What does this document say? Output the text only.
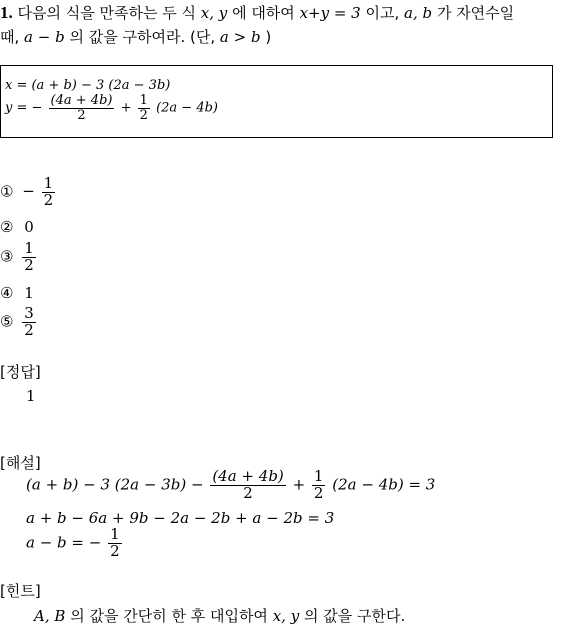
1. 다음의 식을 만족하는 두 식 x, y 에 대하여 x+y = 3 이고, a, b 가 자연수일
때, a − b 의 값을 구하여라. (단, a > b )
x = (a + b) − 3 (2a − 3b)
y = − $\frac{(4a + 4b)}{2} + \frac{1}{2} (2a - 4b)$
① − $\frac{1}{2}$
② 0
③ $\frac{1}{2}$
④ 1
⑤ $\frac{3}{2}$
[정답]
1
[해설]
(a + b) − 3 $(2a - 3b) - \frac{(4a + 4b)}{2} + \frac{1}{2} (2a - 4b) = 3$
a + b − 6a + 9b − 2a − 2b + a − 2b = 3
a − b = − $\frac{1}{2}$
[힌트]
A, B 의 값을 간단히 한 후 대입하여 x, y 의 값을 구한다.
